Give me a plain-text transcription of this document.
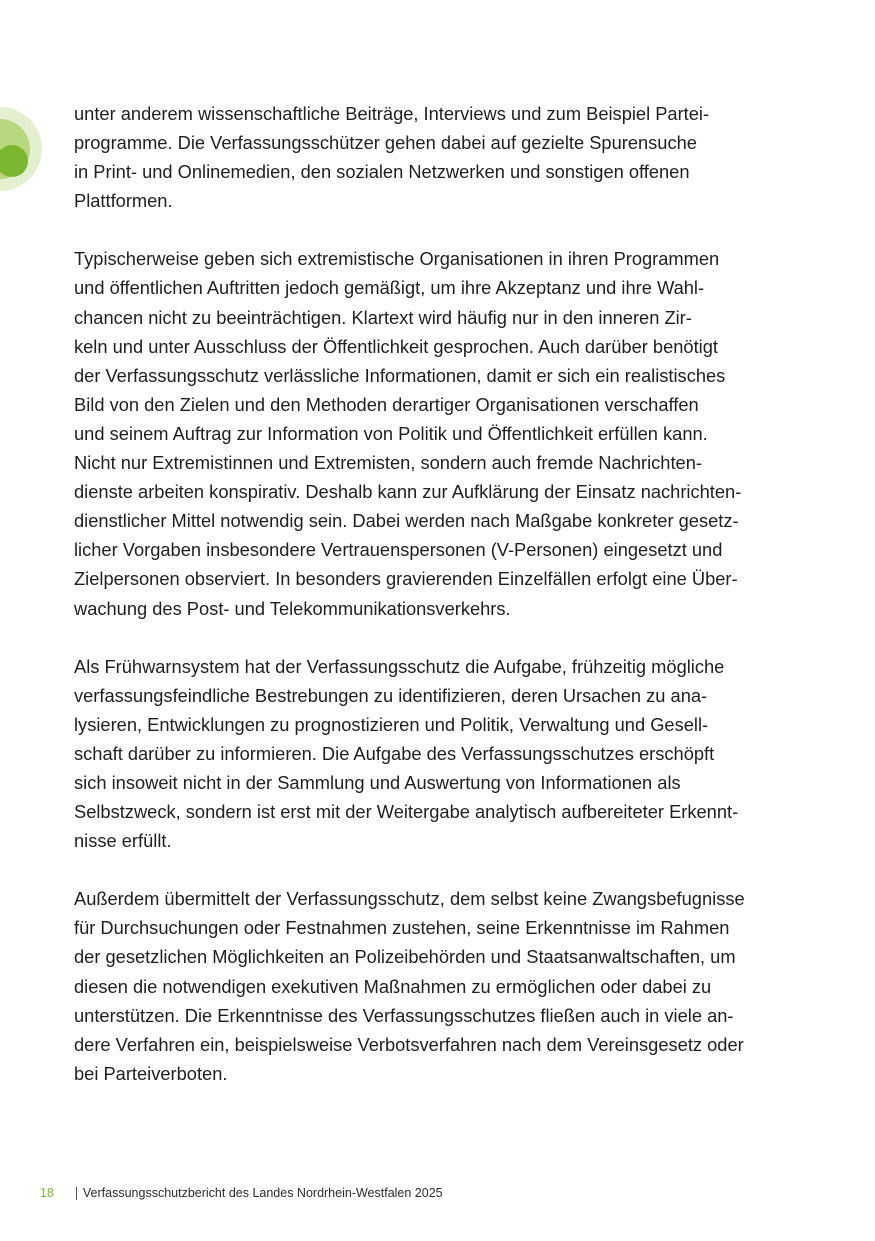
unter anderem wissenschaftliche Beiträge, Interviews und zum Beispiel Partei-
programme. Die Verfassungsschützer gehen dabei auf gezielte Spurensuche
in Print- und Onlinemedien, den sozialen Netzwerken und sonstigen offenen
Plattformen.

Typischerweise geben sich extremistische Organisationen in ihren Programmen
und öffentlichen Auftritten jedoch gemäßigt, um ihre Akzeptanz und ihre Wahl-
chancen nicht zu beeinträchtigen. Klartext wird häufig nur in den inneren Zir-
keln und unter Ausschluss der Öffentlichkeit gesprochen. Auch darüber benötigt
der Verfassungsschutz verlässliche Informationen, damit er sich ein realistisches
Bild von den Zielen und den Methoden derartiger Organisationen verschaffen
und seinem Auftrag zur Information von Politik und Öffentlichkeit erfüllen kann.
Nicht nur Extremistinnen und Extremisten, sondern auch fremde Nachrichten-
dienste arbeiten konspirativ. Deshalb kann zur Aufklärung der Einsatz nachrichten-
dienstlicher Mittel notwendig sein. Dabei werden nach Maßgabe konkreter gesetz-
licher Vorgaben insbesondere Vertrauenspersonen (V-Personen) eingesetzt und
Zielpersonen observiert. In besonders gravierenden Einzelfällen erfolgt eine Über-
wachung des Post- und Telekommunikationsverkehrs.

Als Frühwarnsystem hat der Verfassungsschutz die Aufgabe, frühzeitig mögliche
verfassungsfeindliche Bestrebungen zu identifizieren, deren Ursachen zu ana-
lysieren, Entwicklungen zu prognostizieren und Politik, Verwaltung und Gesell-
schaft darüber zu informieren. Die Aufgabe des Verfassungsschutzes erschöpft
sich insoweit nicht in der Sammlung und Auswertung von Informationen als
Selbstzweck, sondern ist erst mit der Weitergabe analytisch aufbereiteter Erkennt-
nisse erfüllt.

Außerdem übermittelt der Verfassungsschutz, dem selbst keine Zwangsbefugnisse
für Durchsuchungen oder Festnahmen zustehen, seine Erkenntnisse im Rahmen
der gesetzlichen Möglichkeiten an Polizeibehörden und Staatsanwaltschaften, um
diesen die notwendigen exekutiven Maßnahmen zu ermöglichen oder dabei zu
unterstützen. Die Erkenntnisse des Verfassungsschutzes fließen auch in viele an-
dere Verfahren ein, beispielsweise Verbotsverfahren nach dem Vereinsgesetz oder
bei Parteiverboten.

18 Verfassungsschutzbericht des Landes Nordrhein-Westfalen 2025
